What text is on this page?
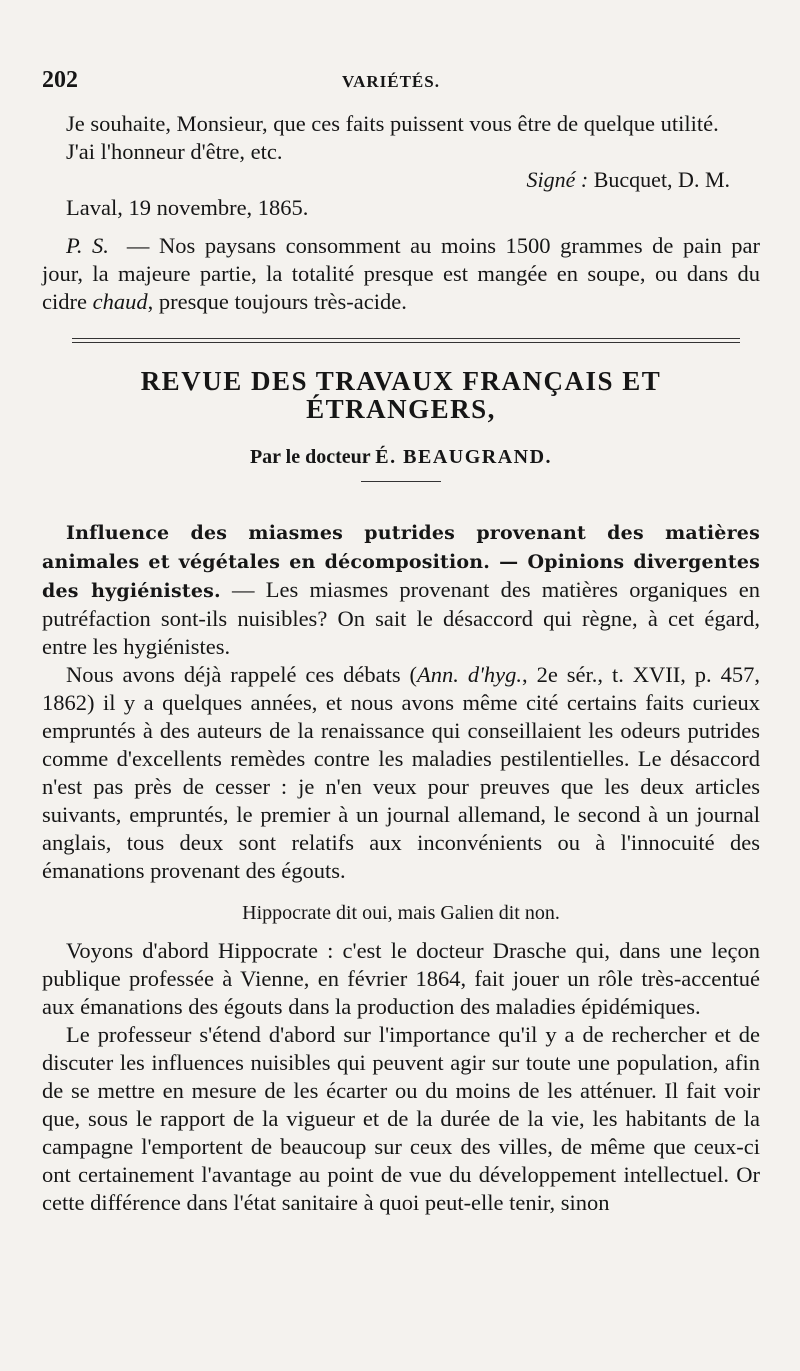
202	VARIÉTÉS.

Je souhaite, Monsieur, que ces faits puissent vous être de quelque utilité.

J'ai l'honneur d'être, etc.

Signé : Bucquet, D. M.

Laval, 19 novembre, 1865.

P. S. — Nos paysans consomment au moins 1500 grammes de pain par jour, la majeure partie, la totalité presque est mangée en soupe, ou dans du cidre chaud, presque toujours très-acide.

REVUE DES TRAVAUX FRANÇAIS ET ÉTRANGERS,
Par le docteur É. BEAUGRAND.

Influence des miasmes putrides provenant des matières animales et végétales en décomposition. — Opinions divergentes des hygiénistes. — Les miasmes provenant des matières organiques en putréfaction sont-ils nuisibles? On sait le désaccord qui règne, à cet égard, entre les hygiénistes.

Nous avons déjà rappelé ces débats (Ann. d'hyg., 2e sér., t. XVII, p. 457, 1862) il y a quelques années, et nous avons même cité certains faits curieux empruntés à des auteurs de la renaissance qui conseillaient les odeurs putrides comme d'excellents remèdes contre les maladies pestilentielles. Le désaccord n'est pas près de cesser : je n'en veux pour preuves que les deux articles suivants, empruntés, le premier à un journal allemand, le second à un journal anglais, tous deux sont relatifs aux inconvénients ou à l'innocuité des émanations provenant des égouts.

Hippocrate dit oui, mais Galien dit non.

Voyons d'abord Hippocrate : c'est le docteur Drasche qui, dans une leçon publique professée à Vienne, en février 1864, fait jouer un rôle très-accentué aux émanations des égouts dans la production des maladies épidémiques.

Le professeur s'étend d'abord sur l'importance qu'il y a de rechercher et de discuter les influences nuisibles qui peuvent agir sur toute une population, afin de se mettre en mesure de les écarter ou du moins de les atténuer. Il fait voir que, sous le rapport de la vigueur et de la durée de la vie, les habitants de la campagne l'emportent de beaucoup sur ceux des villes, de même que ceux-ci ont certainement l'avantage au point de vue du développement intellectuel. Or cette différence dans l'état sanitaire à quoi peut-elle tenir, sinon
